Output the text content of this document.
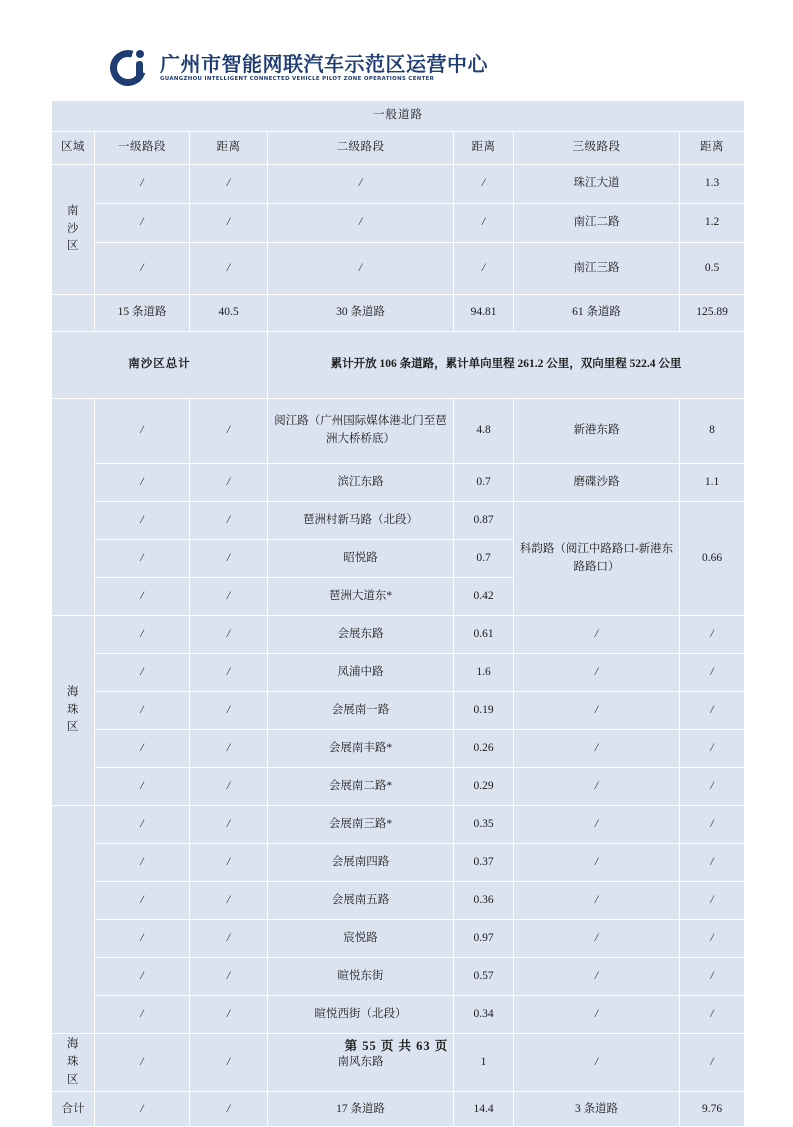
广州市智能网联汽车示范区运营中心
GUANGZHOU INTELLIGENT CONNECTED VEHICLE PILOT ZONE OPERATIONS CENTER
一般道路						
区域	一级路段	距离	二级路段	距离	三级路段	距离

南
沙
区	/	/	/	/	珠江大道	1.3
	/	/	/	/	南江二路	1.2
	/	/	/	/	南江三路	0.5
	15 条道路	40.5	30 条道路	94.81	61 条道路	125.89
南沙区总计			累计开放 106 条道路，累计单向里程 261.2 公里，双向里程 522.4 公里			
	/	/	阅江路（广州国际媒体港北门至琶洲大桥桥底）	4.8	新港东路	8
	/	/	滨江东路	0.7	磨碟沙路	1.1
	/	/	琶洲村新马路（北段）	0.87	科韵路（阅江中路路口-新港东路路口）	0.66
	/	/	昭悦路	0.7		
	/	/	琶洲大道东*	0.42		

海
珠
区	/	/	会展东路	0.61	/	/
	/	/	凤浦中路	1.6	/	/
	/	/	会展南一路	0.19	/	/
	/	/	会展南丰路*	0.26	/	/
	/	/	会展南二路*	0.29	/	/
	/	/	会展南三路*	0.35	/	/
	/	/	会展南四路	0.37	/	/
	/	/	会展南五路	0.36	/	/
	/	/	宸悦路	0.97	/	/
	/	/	暄悦东街	0.57	/	/
	/	/	暄悦西街（北段）	0.34	/	/

海
珠
区	/	/	南风东路	1	/	/
合计	/	/	17 条道路	14.4	3 条道路	9.76
第 55 页 共 63 页
